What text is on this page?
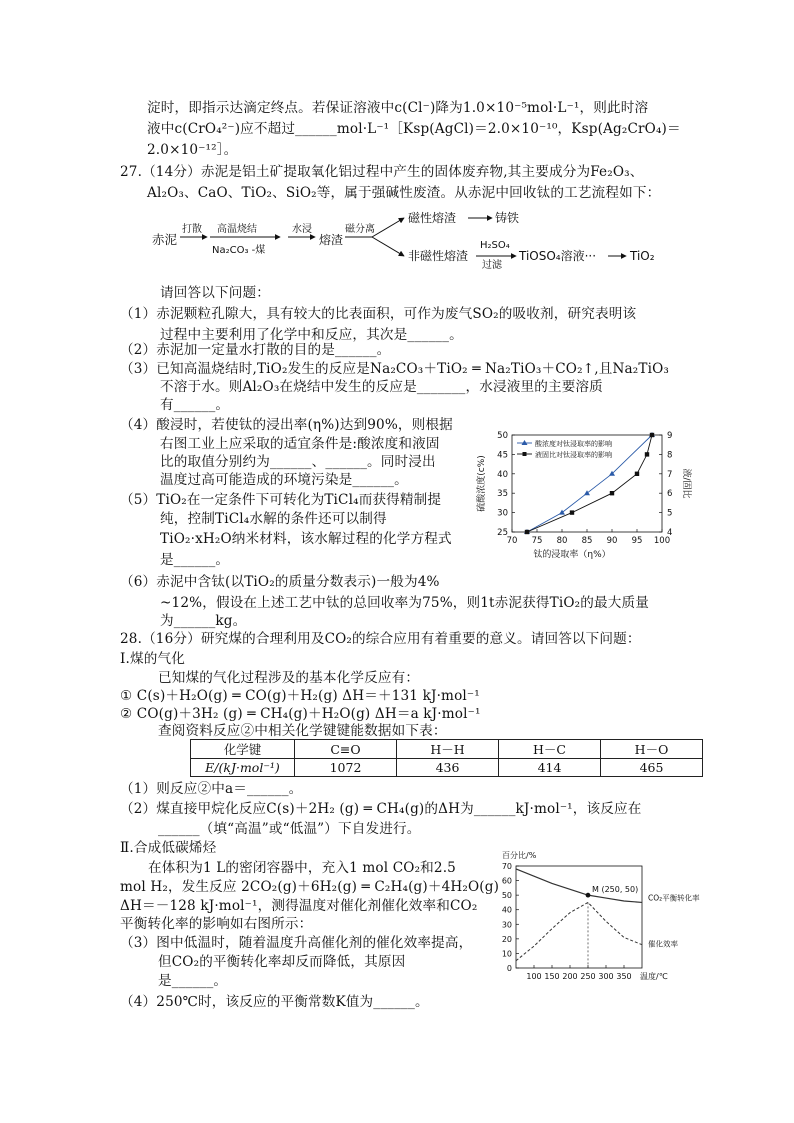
淀时，即指示达滴定终点。若保证溶液中c(Cl⁻)降为1.0×10⁻⁵mol·L⁻¹，则此时溶
液中c(CrO₄²⁻)应不超过______mol·L⁻¹［Ksp(AgCl)＝2.0×10⁻¹⁰，Ksp(Ag₂CrO₄)＝
2.0×10⁻¹²］。
27.（14分）赤泥是铝土矿提取氧化铝过程中产生的固体废弃物,其主要成分为Fe₂O₃、
Al₂O₃、CaO、TiO₂、SiO₂等，属于强碱性废渣。从赤泥中回收钛的工艺流程如下：
赤泥
打散 高温烧结
Na₂CO₃ -煤
水浸
熔渣
磁分离
磁性熔渣	铸铁
非磁性熔渣
H₂SO₄
过滤
TiOSO₄溶液···	TiO₂
请回答以下问题：
（1）赤泥颗粒孔隙大，具有较大的比表面积，可作为废气SO₂的吸收剂，研究表明该
过程中主要利用了化学中和反应，其次是______。
（2）赤泥加一定量水打散的目的是______。
（3）已知高温烧结时,TiO₂发生的反应是Na₂CO₃＋TiO₂ ═ Na₂TiO₃＋CO₂↑,且Na₂TiO₃
不溶于水。则Al₂O₃在烧结中发生的反应是_______，水浸液里的主要溶质
有______。
（4）酸浸时，若使钛的浸出率(η%)达到90%，则根据
右图工业上应采取的适宜条件是:酸浓度和液固
比的取值分别约为______、______。同时浸出
温度过高可能造成的环境污染是______。
（5）TiO₂在一定条件下可转化为TiCl₄而获得精制提
纯，控制TiCl₄水解的条件还可以制得
TiO₂·xH₂O纳米材料，该水解过程的化学方程式
是______。
70 75 80 85 90 95 100
25
30
35
40
45
50
4
5
6
7
8
9
钛的浸取率（η%）
硫酸浓度(c%)	液/固比
酸浓度对钛浸取率的影响
液固比对钛浸取率的影响
（6）赤泥中含钛(以TiO₂的质量分数表示)一般为4%
~12%，假设在上述工艺中钛的总回收率为75%，则1t赤泥获得TiO₂的最大质量
为______kg。
28.（16分）研究煤的合理利用及CO₂的综合应用有着重要的意义。请回答以下问题：
Ⅰ.煤的气化
已知煤的气化过程涉及的基本化学反应有：
① C(s)＋H₂O(g) ═ CO(g)＋H₂(g) ΔH＝＋131 kJ·mol⁻¹
② CO(g)＋3H₂ (g) ═ CH₄(g)＋H₂O(g) ΔH＝a kJ·mol⁻¹
查阅资料反应②中相关化学键键能数据如下表：
化学键	C≡O	H－H	H－C	H－O
E/(kJ·mol⁻¹)	1072	436	414	465
（1）则反应②中a＝______。
（2）煤直接甲烷化反应C(s)＋2H₂ (g) ═ CH₄(g)的ΔH为______kJ·mol⁻¹，该反应在
______（填“高温”或“低温”）下自发进行。
Ⅱ.合成低碳烯烃
在体积为1 L的密闭容器中，充入1 mol CO₂和2.5
mol H₂，发生反应 2CO₂(g)＋6H₂(g) ═ C₂H₄(g)＋4H₂O(g)
ΔH＝－128 kJ·mol⁻¹，测得温度对催化剂催化效率和CO₂
平衡转化率的影响如右图所示：
（3）图中低温时，随着温度升高催化剂的催化效率提高，
但CO₂的平衡转化率却反而降低，其原因
是______。
（4）250℃时，该反应的平衡常数K值为______。
100 150 200 250 300 350
0
10
20
30
40
50
60
70
百分比/%
温度/℃
M (250, 50)
CO₂平衡转化率
催化效率
